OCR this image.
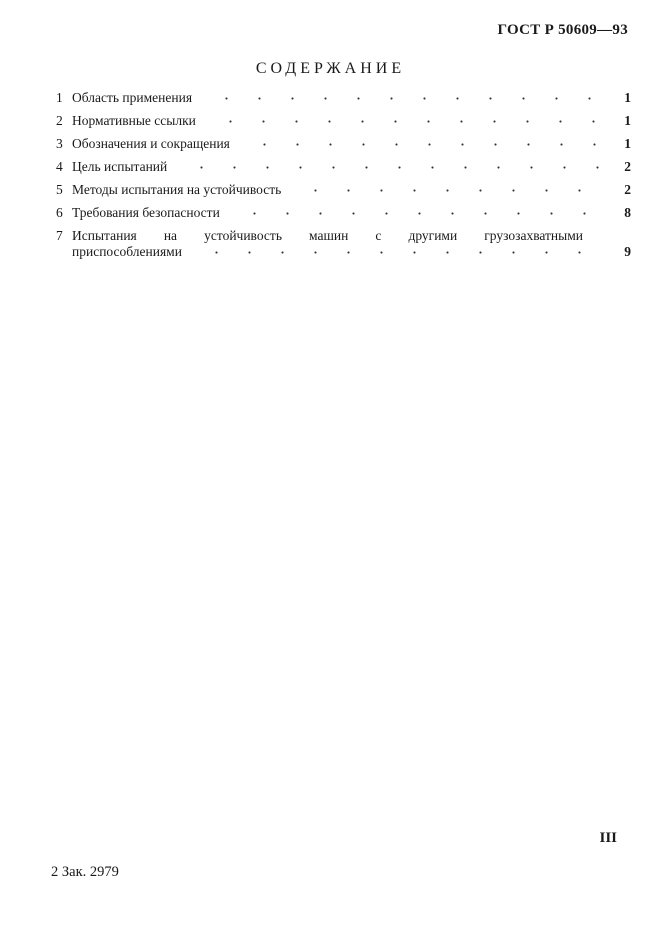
ГОСТ Р 50609—93
СОДЕРЖАНИЕ
1 Область применения	1
2 Нормативные ссылки	1
3 Обозначения и сокращения	1
4 Цель испытаний	2
5 Методы испытания на устойчивость	2
6 Требования безопасности	8
7 Испытания на устойчивость машин с другими грузозахватными
приспособлениями	9
III
2 Зак. 2979
